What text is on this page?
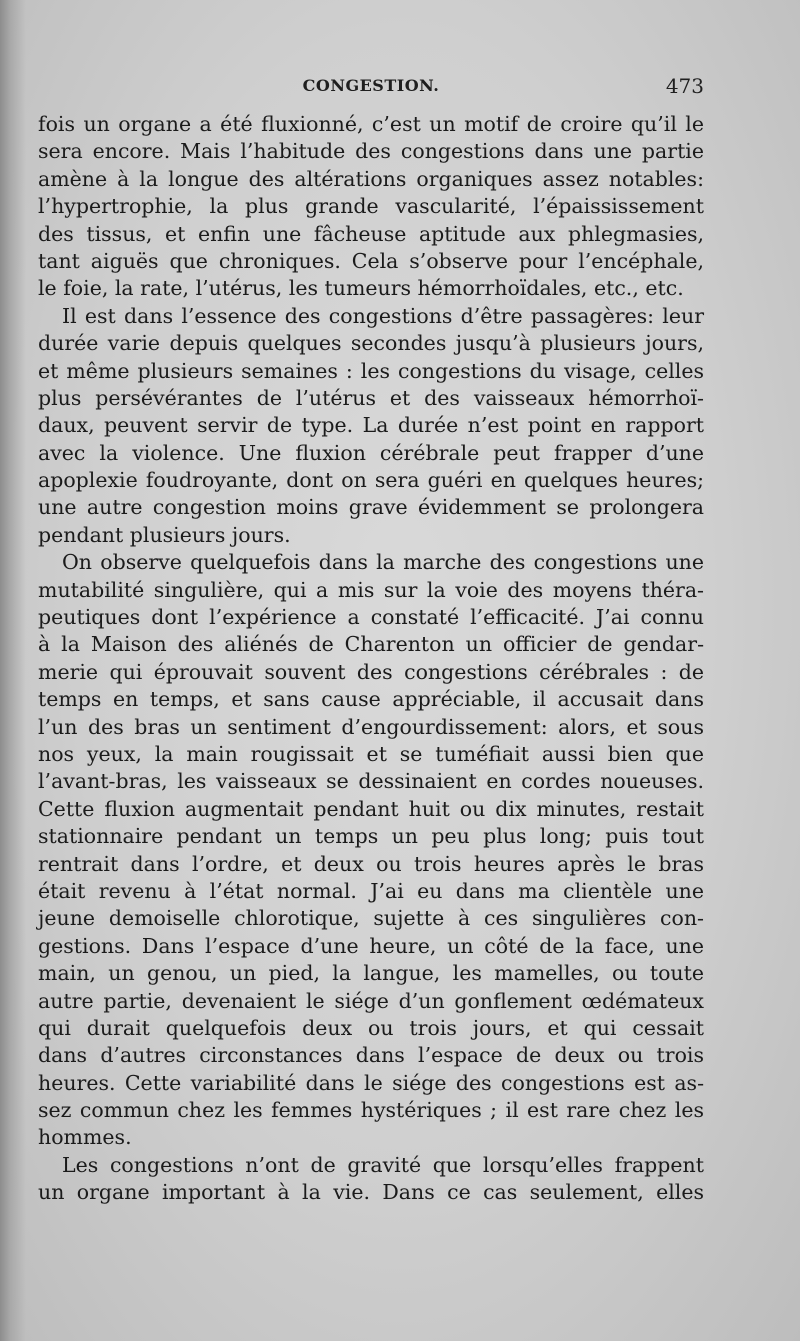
CONGESTION.	473
fois un organe a été fluxionné, c’est un motif de croire qu’il le
sera encore. Mais l’habitude des congestions dans une partie
amène à la longue des altérations organiques assez notables:
l’hypertrophie, la plus grande vascularité, l’épaississement
des tissus, et enfin une fâcheuse aptitude aux phlegmasies,
tant aiguës que chroniques. Cela s’observe pour l’encéphale,
le foie, la rate, l’utérus, les tumeurs hémorrhoïdales, etc., etc.
Il est dans l’essence des congestions d’être passagères: leur
durée varie depuis quelques secondes jusqu’à plusieurs jours,
et même plusieurs semaines : les congestions du visage, celles
plus persévérantes de l’utérus et des vaisseaux hémorrhoï-
daux, peuvent servir de type. La durée n’est point en rapport
avec la violence. Une fluxion cérébrale peut frapper d’une
apoplexie foudroyante, dont on sera guéri en quelques heures;
une autre congestion moins grave évidemment se prolongera
pendant plusieurs jours.
On observe quelquefois dans la marche des congestions une
mutabilité singulière, qui a mis sur la voie des moyens théra-
peutiques dont l’expérience a constaté l’efficacité. J’ai connu
à la Maison des aliénés de Charenton un officier de gendar-
merie qui éprouvait souvent des congestions cérébrales : de
temps en temps, et sans cause appréciable, il accusait dans
l’un des bras un sentiment d’engourdissement: alors, et sous
nos yeux, la main rougissait et se tuméfiait aussi bien que
l’avant-bras, les vaisseaux se dessinaient en cordes noueuses.
Cette fluxion augmentait pendant huit ou dix minutes, restait
stationnaire pendant un temps un peu plus long; puis tout
rentrait dans l’ordre, et deux ou trois heures après le bras
était revenu à l’état normal. J’ai eu dans ma clientèle une
jeune demoiselle chlorotique, sujette à ces singulières con-
gestions. Dans l’espace d’une heure, un côté de la face, une
main, un genou, un pied, la langue, les mamelles, ou toute
autre partie, devenaient le siége d’un gonflement œdémateux
qui durait quelquefois deux ou trois jours, et qui cessait
dans d’autres circonstances dans l’espace de deux ou trois
heures. Cette variabilité dans le siége des congestions est as-
sez commun chez les femmes hystériques ; il est rare chez les
hommes.
Les congestions n’ont de gravité que lorsqu’elles frappent
un organe important à la vie. Dans ce cas seulement, elles
